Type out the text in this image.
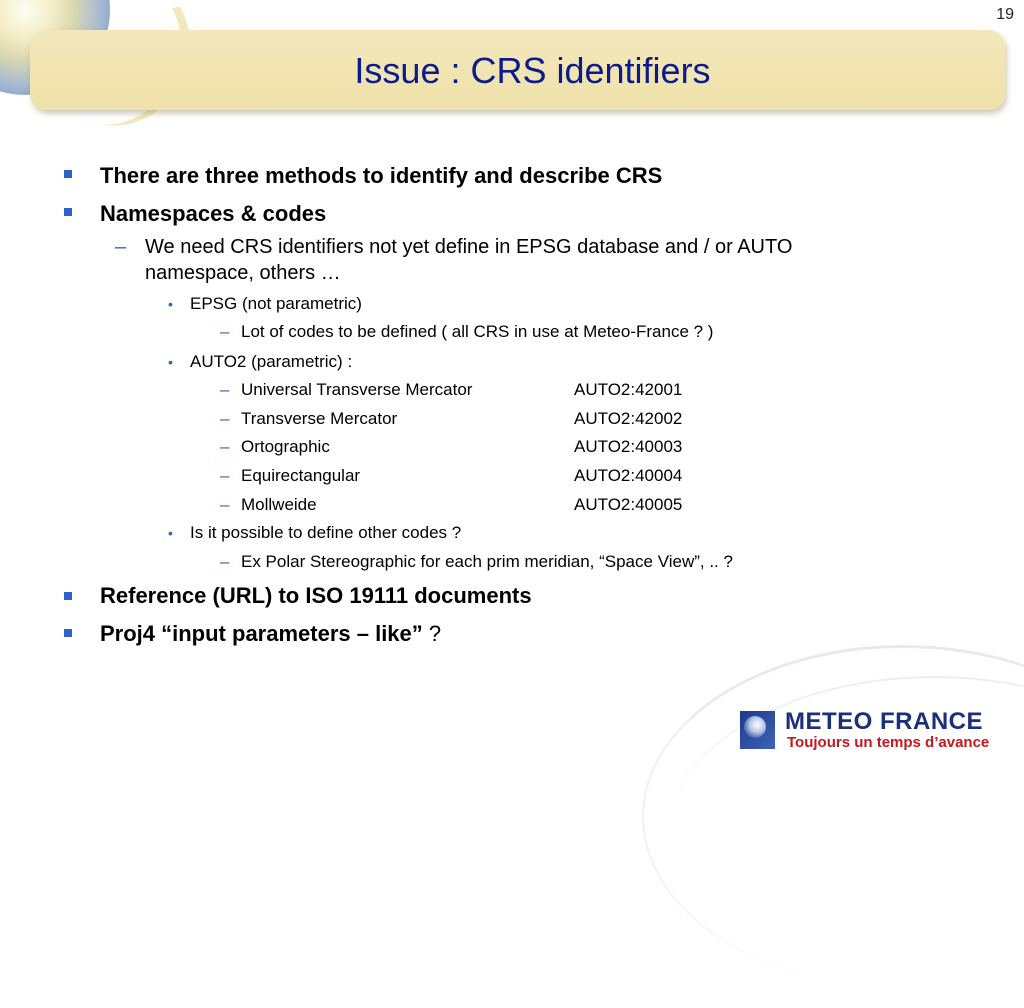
19
Issue : CRS identifiers
There are three methods to identify and describe CRS
Namespaces & codes
– We need CRS identifiers not yet define in EPSG database and / or AUTO
namespace, others …
• EPSG (not parametric)
– Lot of codes to be defined ( all CRS in use at Meteo-France ? )
• AUTO2 (parametric) :
– Universal Transverse Mercator	AUTO2:42001
– Transverse Mercator	AUTO2:42002
– Ortographic	AUTO2:40003
– Equirectangular	AUTO2:40004
– Mollweide	AUTO2:40005
• Is it possible to define other codes ?
– Ex Polar Stereographic for each prim meridian, “Space View”, .. ?
Reference (URL) to ISO 19111 documents
Proj4 “input parameters – like” ?
METEO FRANCE
Toujours un temps d’avance
